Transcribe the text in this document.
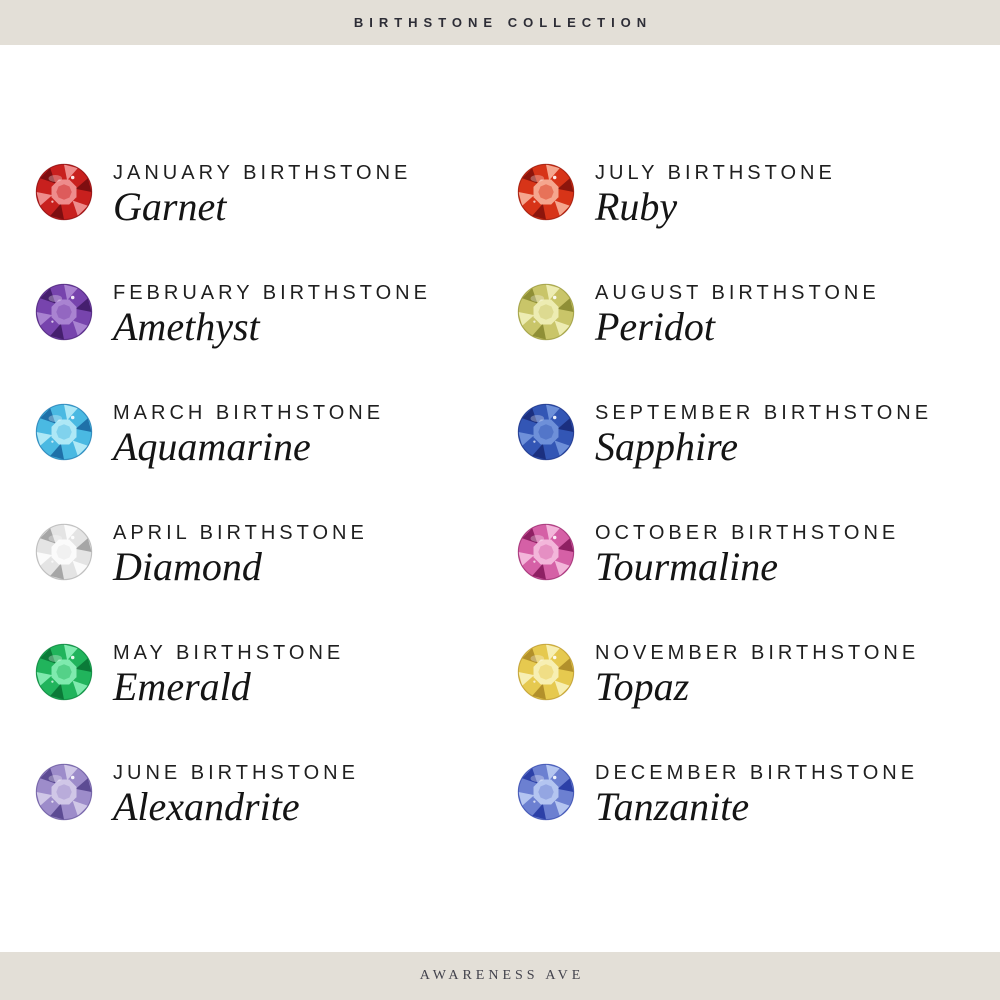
BIRTHSTONE COLLECTION
JANUARY BIRTHSTONE
Garnet
FEBRUARY BIRTHSTONE
Amethyst
MARCH BIRTHSTONE
Aquamarine
APRIL BIRTHSTONE
Diamond
MAY BIRTHSTONE
Emerald
JUNE BIRTHSTONE
Alexandrite
JULY BIRTHSTONE
Ruby
AUGUST BIRTHSTONE
Peridot
SEPTEMBER BIRTHSTONE
Sapphire
OCTOBER BIRTHSTONE
Tourmaline
NOVEMBER BIRTHSTONE
Topaz
DECEMBER BIRTHSTONE
Tanzanite
AWARENESS AVE
